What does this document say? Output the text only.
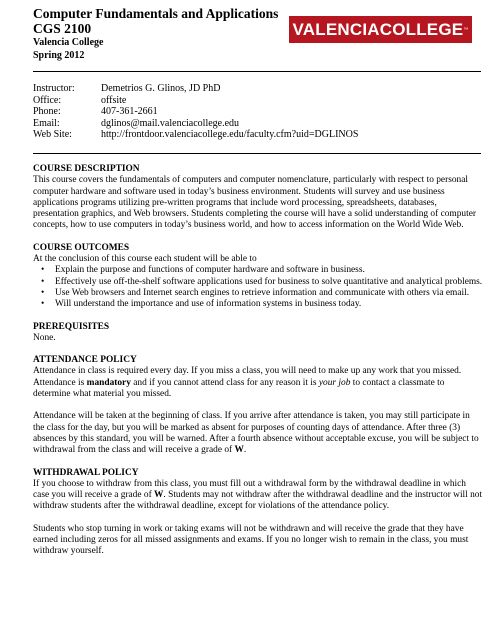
Computer Fundamentals and Applications
CGS 2100
Valencia College
Spring 2012
VALENCIACOLLEGE ™
Instructor:	Demetrios G. Glinos, JD PhD
Office:	offsite
Phone:	407-361-2661
Email:	dglinos@mail.valenciacollege.edu
Web Site:	http://frontdoor.valenciacollege.edu/faculty.cfm?uid=DGLINOS
COURSE DESCRIPTION

This course covers the fundamentals of computers and computer nomenclature, particularly with respect to personal computer hardware and software used in today’s business environment. Students will survey and use business applications programs utilizing pre-written programs that include word processing, spreadsheets, databases, presentation graphics, and Web browsers. Students completing the course will have a solid understanding of computer concepts, how to use computers in today’s business world, and how to access information on the World Wide Web.

COURSE OUTCOMES

At the conclusion of this course each student will be able to

• Explain the purpose and functions of computer hardware and software in business.
• Effectively use off-the-shelf software applications used for business to solve quantitative and analytical problems.
• Use Web browsers and Internet search engines to retrieve information and communicate with others via email.
• Will understand the importance and use of information systems in business today.
PREREQUISITES

None.

ATTENDANCE POLICY

Attendance in class is required every day. If you miss a class, you will need to make up any work that you missed. Attendance is mandatory and if you cannot attend class for any reason it is your job to contact a classmate to determine what material you missed.

Attendance will be taken at the beginning of class. If you arrive after attendance is taken, you may still participate in the class for the day, but you will be marked as absent for purposes of counting days of attendance. After three (3) absences by this standard, you will be warned. After a fourth absence without acceptable excuse, you will be subject to withdrawal from the class and will receive a grade of W.

WITHDRAWAL POLICY

If you choose to withdraw from this class, you must fill out a withdrawal form by the withdrawal deadline in which case you will receive a grade of W. Students may not withdraw after the withdrawal deadline and the instructor will not withdraw students after the withdrawal deadline, except for violations of the attendance policy.

Students who stop turning in work or taking exams will not be withdrawn and will receive the grade that they have earned including zeros for all missed assignments and exams. If you no longer wish to remain in the class, you must withdraw yourself.
